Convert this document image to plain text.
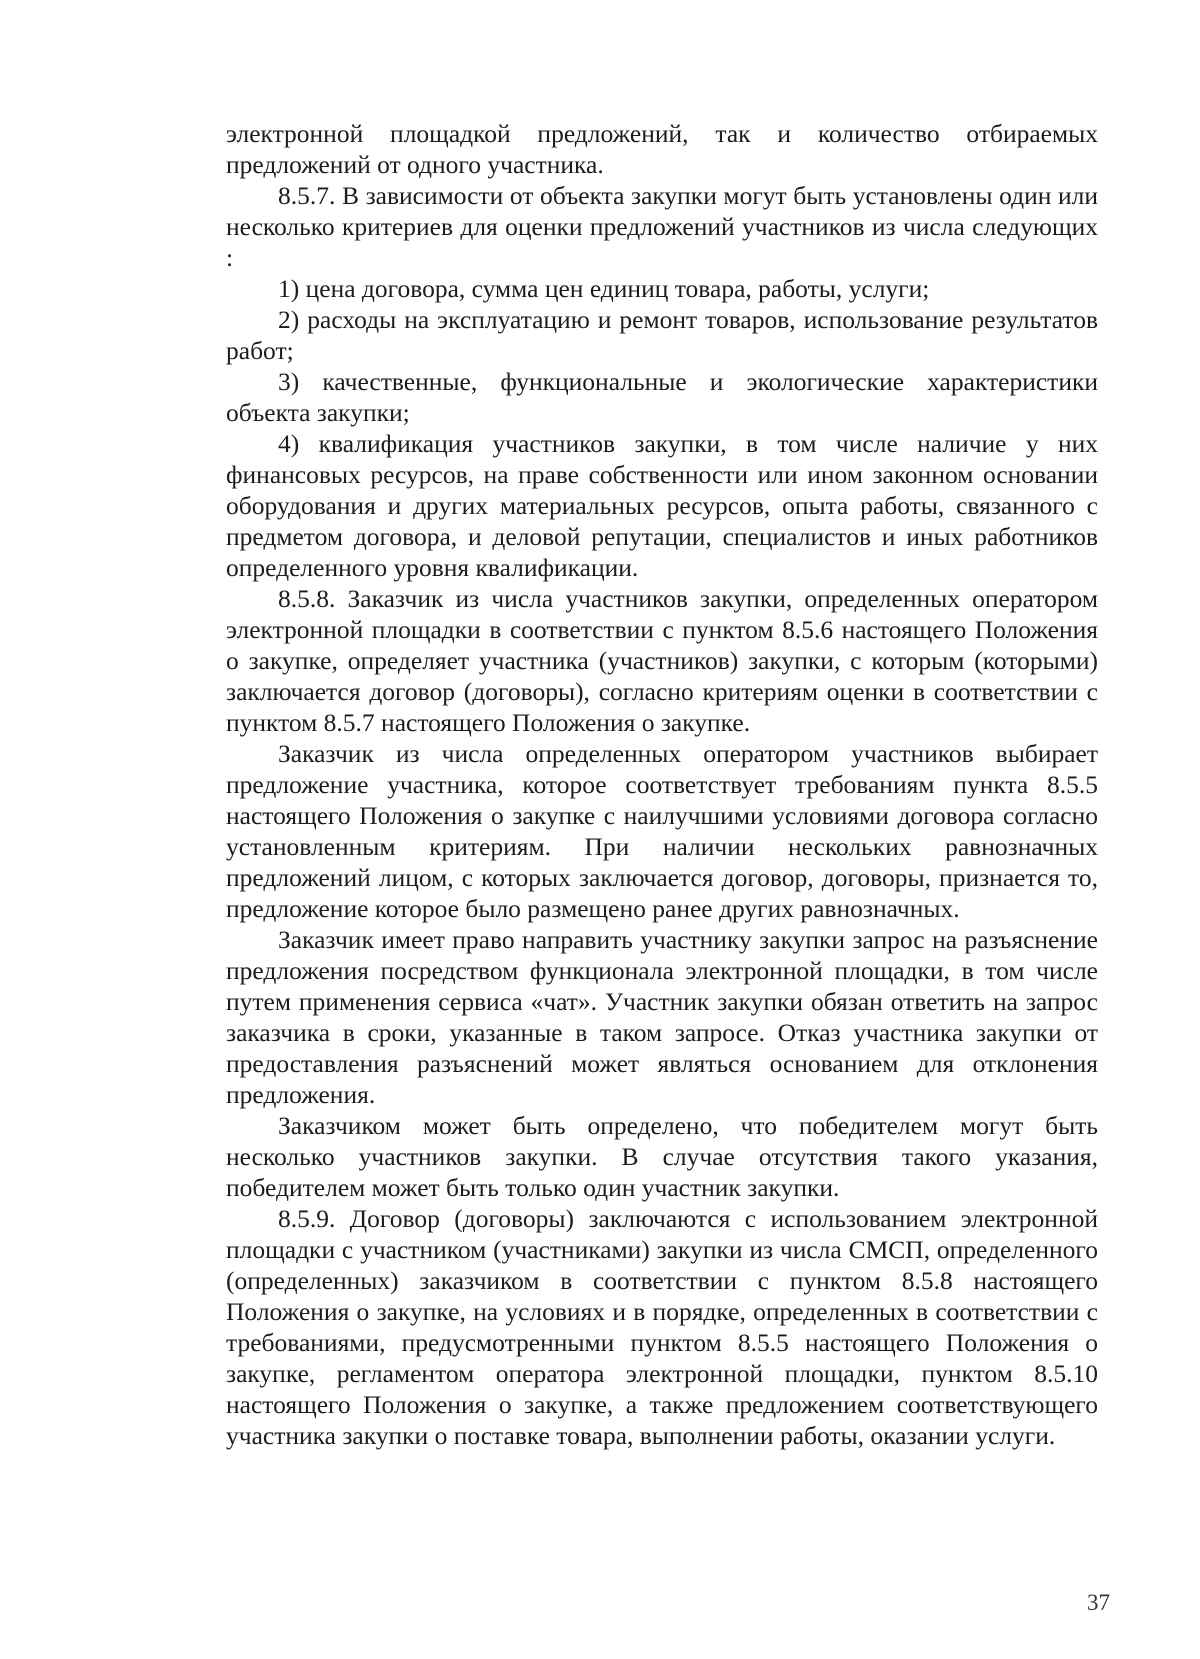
электронной площадкой предложений, так и количество отбираемых предложений от одного участника.

8.5.7. В зависимости от объекта закупки могут быть установлены один или несколько критериев для оценки предложений участников из числа следующих :

1) цена договора, сумма цен единиц товара, работы, услуги;

2) расходы на эксплуатацию и ремонт товаров, использование результатов работ;

3) качественные, функциональные и экологические характеристики объекта закупки;

4) квалификация участников закупки, в том числе наличие у них финансовых ресурсов, на праве собственности или ином законном основании оборудования и других материальных ресурсов, опыта работы, связанного с предметом договора, и деловой репутации, специалистов и иных работников определенного уровня квалификации.

8.5.8. Заказчик из числа участников закупки, определенных оператором электронной площадки в соответствии с пунктом 8.5.6 настоящего Положения о закупке, определяет участника (участников) закупки, с которым (которыми) заключается договор (договоры), согласно критериям оценки в соответствии с пунктом 8.5.7 настоящего Положения о закупке.

Заказчик из числа определенных оператором участников выбирает предложение участника, которое соответствует требованиям пункта 8.5.5 настоящего Положения о закупке с наилучшими условиями договора согласно установленным критериям. При наличии нескольких равнозначных предложений лицом, с которых заключается договор, договоры, признается то, предложение которое было размещено ранее других равнозначных.

Заказчик имеет право направить участнику закупки запрос на разъяснение предложения посредством функционала электронной площадки, в том числе путем применения сервиса «чат». Участник закупки обязан ответить на запрос заказчика в сроки, указанные в таком запросе. Отказ участника закупки от предоставления разъяснений может являться основанием для отклонения предложения.

Заказчиком может быть определено, что победителем могут быть несколько участников закупки. В случае отсутствия такого указания, победителем может быть только один участник закупки.

8.5.9. Договор (договоры) заключаются с использованием электронной площадки с участником (участниками) закупки из числа СМСП, определенного (определенных) заказчиком в соответствии с пунктом 8.5.8 настоящего Положения о закупке, на условиях и в порядке, определенных в соответствии с требованиями, предусмотренными пунктом 8.5.5 настоящего Положения о закупке, регламентом оператора электронной площадки, пунктом 8.5.10 настоящего Положения о закупке, а также предложением соответствующего участника закупки о поставке товара, выполнении работы, оказании услуги.

37
